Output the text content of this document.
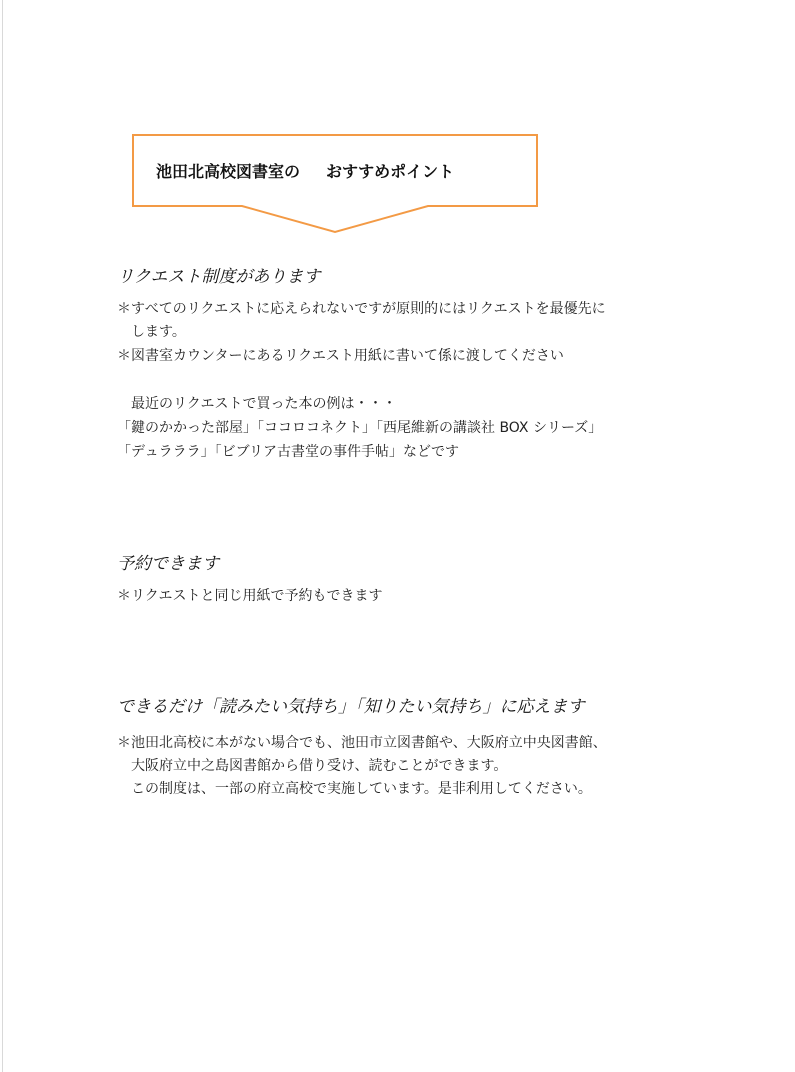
池田北高校図書室の おすすめポイント
リクエスト制度があります
＊すべてのリクエストに応えられないですが原則的にはリクエストを最優先に
　します。
＊図書室カウンターにあるリクエスト用紙に書いて係に渡してください
　最近のリクエストで買った本の例は・・・
「鍵のかかった部屋」「ココロコネクト」「西尾維新の講談社 BOX シリーズ」
「デュラララ」「ビブリア古書堂の事件手帖」などです
予約できます
＊リクエストと同じ用紙で予約もできます
できるだけ「読みたい気持ち」「知りたい気持ち」に応えます
＊池田北高校に本がない場合でも、池田市立図書館や、大阪府立中央図書館、
　大阪府立中之島図書館から借り受け、読むことができます。
　この制度は、一部の府立高校で実施しています。是非利用してください。
